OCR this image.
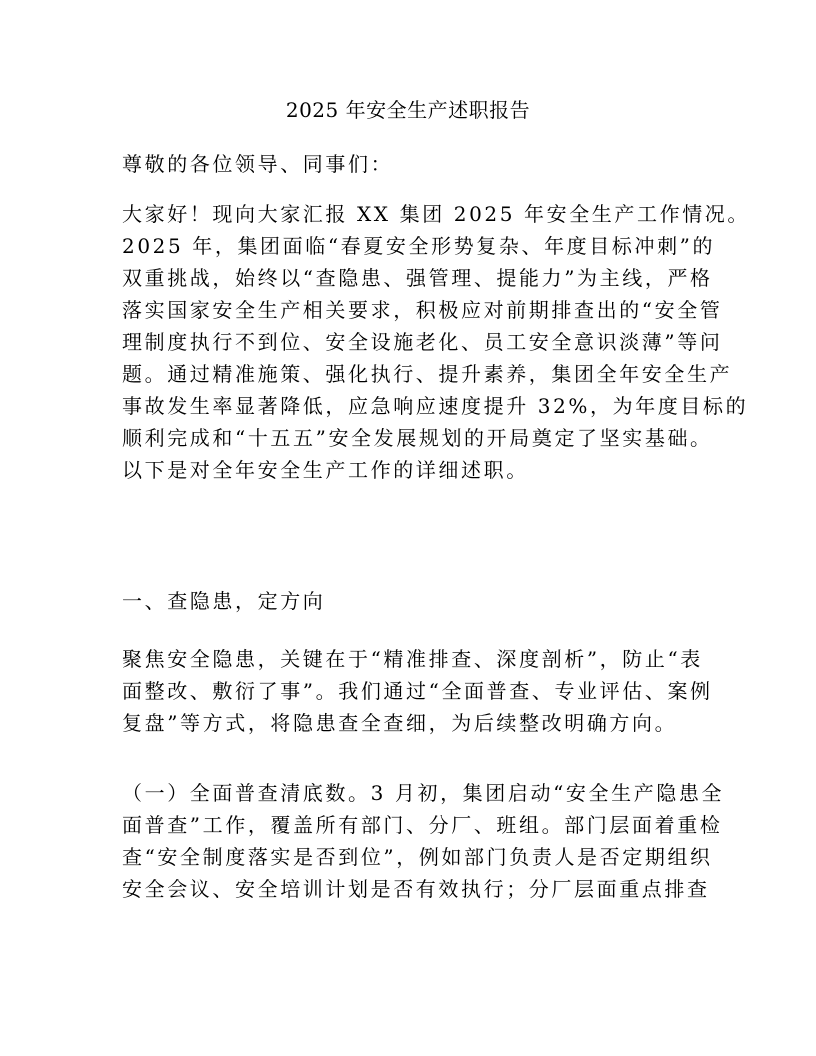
2025 年安全生产述职报告

尊敬的各位领导、同事们：

大家好！现向大家汇报 XX 集团 2025 年安全生产工作情况。
2025 年，集团面临“春夏安全形势复杂、年度目标冲刺”的
双重挑战，始终以“查隐患、强管理、提能力”为主线，严格
落实国家安全生产相关要求，积极应对前期排查出的“安全管
理制度执行不到位、安全设施老化、员工安全意识淡薄”等问
题。通过精准施策、强化执行、提升素养，集团全年安全生产
事故发生率显著降低，应急响应速度提升 32%，为年度目标的
顺利完成和“十五五”安全发展规划的开局奠定了坚实基础。
以下是对全年安全生产工作的详细述职。

一、查隐患，定方向

聚焦安全隐患，关键在于“精准排查、深度剖析”，防止“表
面整改、敷衍了事”。我们通过“全面普查、专业评估、案例
复盘”等方式，将隐患查全查细，为后续整改明确方向。

（一）全面普查清底数。3 月初，集团启动“安全生产隐患全
面普查”工作，覆盖所有部门、分厂、班组。部门层面着重检
查“安全制度落实是否到位”，例如部门负责人是否定期组织
安全会议、安全培训计划是否有效执行；分厂层面重点排查
